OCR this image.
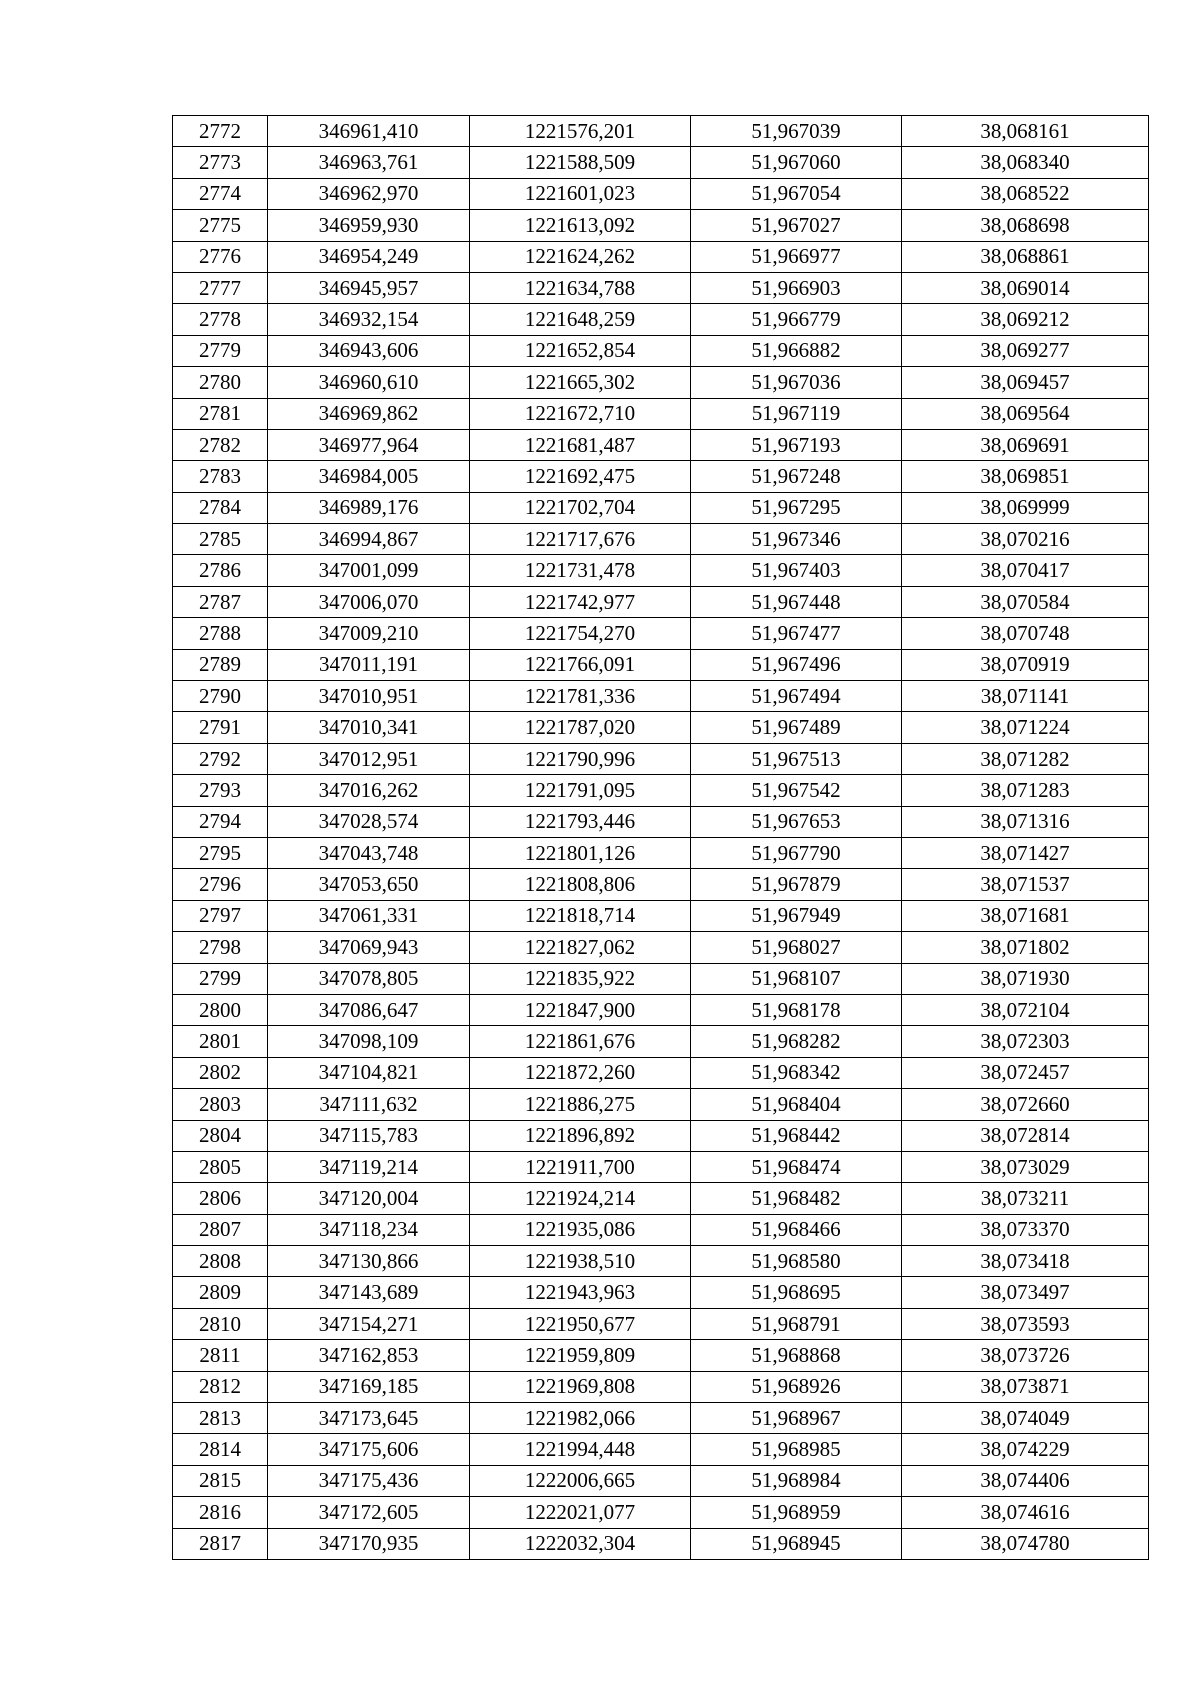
2772	346961,410	1221576,201	51,967039	38,068161
2773	346963,761	1221588,509	51,967060	38,068340
2774	346962,970	1221601,023	51,967054	38,068522
2775	346959,930	1221613,092	51,967027	38,068698
2776	346954,249	1221624,262	51,966977	38,068861
2777	346945,957	1221634,788	51,966903	38,069014
2778	346932,154	1221648,259	51,966779	38,069212
2779	346943,606	1221652,854	51,966882	38,069277
2780	346960,610	1221665,302	51,967036	38,069457
2781	346969,862	1221672,710	51,967119	38,069564
2782	346977,964	1221681,487	51,967193	38,069691
2783	346984,005	1221692,475	51,967248	38,069851
2784	346989,176	1221702,704	51,967295	38,069999
2785	346994,867	1221717,676	51,967346	38,070216
2786	347001,099	1221731,478	51,967403	38,070417
2787	347006,070	1221742,977	51,967448	38,070584
2788	347009,210	1221754,270	51,967477	38,070748
2789	347011,191	1221766,091	51,967496	38,070919
2790	347010,951	1221781,336	51,967494	38,071141
2791	347010,341	1221787,020	51,967489	38,071224
2792	347012,951	1221790,996	51,967513	38,071282
2793	347016,262	1221791,095	51,967542	38,071283
2794	347028,574	1221793,446	51,967653	38,071316
2795	347043,748	1221801,126	51,967790	38,071427
2796	347053,650	1221808,806	51,967879	38,071537
2797	347061,331	1221818,714	51,967949	38,071681
2798	347069,943	1221827,062	51,968027	38,071802
2799	347078,805	1221835,922	51,968107	38,071930
2800	347086,647	1221847,900	51,968178	38,072104
2801	347098,109	1221861,676	51,968282	38,072303
2802	347104,821	1221872,260	51,968342	38,072457
2803	347111,632	1221886,275	51,968404	38,072660
2804	347115,783	1221896,892	51,968442	38,072814
2805	347119,214	1221911,700	51,968474	38,073029
2806	347120,004	1221924,214	51,968482	38,073211
2807	347118,234	1221935,086	51,968466	38,073370
2808	347130,866	1221938,510	51,968580	38,073418
2809	347143,689	1221943,963	51,968695	38,073497
2810	347154,271	1221950,677	51,968791	38,073593
2811	347162,853	1221959,809	51,968868	38,073726
2812	347169,185	1221969,808	51,968926	38,073871
2813	347173,645	1221982,066	51,968967	38,074049
2814	347175,606	1221994,448	51,968985	38,074229
2815	347175,436	1222006,665	51,968984	38,074406
2816	347172,605	1222021,077	51,968959	38,074616
2817	347170,935	1222032,304	51,968945	38,074780
